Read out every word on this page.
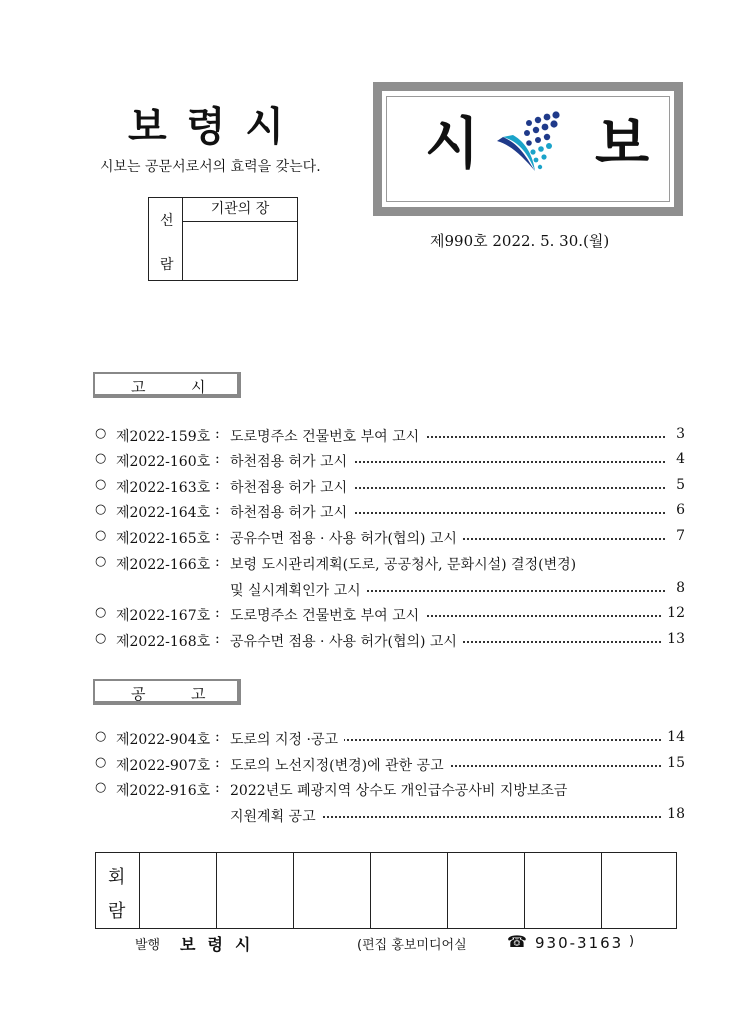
보 령 시
시보는 공문서로서의 효력을 갖는다.
선
람
기관의 장
시 보
제990호 2022. 5. 30.(월)
고	시
○ 제2022-159호 : 도로명주소 건물번호 부여 고시	3
○ 제2022-160호 : 하천점용 허가 고시	4
○ 제2022-163호 : 하천점용 허가 고시	5
○ 제2022-164호 : 하천점용 허가 고시	6
○ 제2022-165호 : 공유수면 점용 · 사용 허가(협의) 고시	7
○ 제2022-166호 : 보령 도시관리계획(도로, 공공청사, 문화시설) 결정(변경)
및 실시계획인가 고시	8
○ 제2022-167호 : 도로명주소 건물번호 부여 고시	12
○ 제2022-168호 : 공유수면 점용 · 사용 허가(협의) 고시	13
공	고
○ 제2022-904호 : 도로의 지정 ·공고	14
○ 제2022-907호 : 도로의 노선지정(변경)에 관한 공고	15
○ 제2022-916호 : 2022년도 폐광지역 상수도 개인급수공사비 지방보조금
지원계획 공고	18
회
람
발행 보 령 시	(편집 홍보미디어실	☎ 930-3163 )
